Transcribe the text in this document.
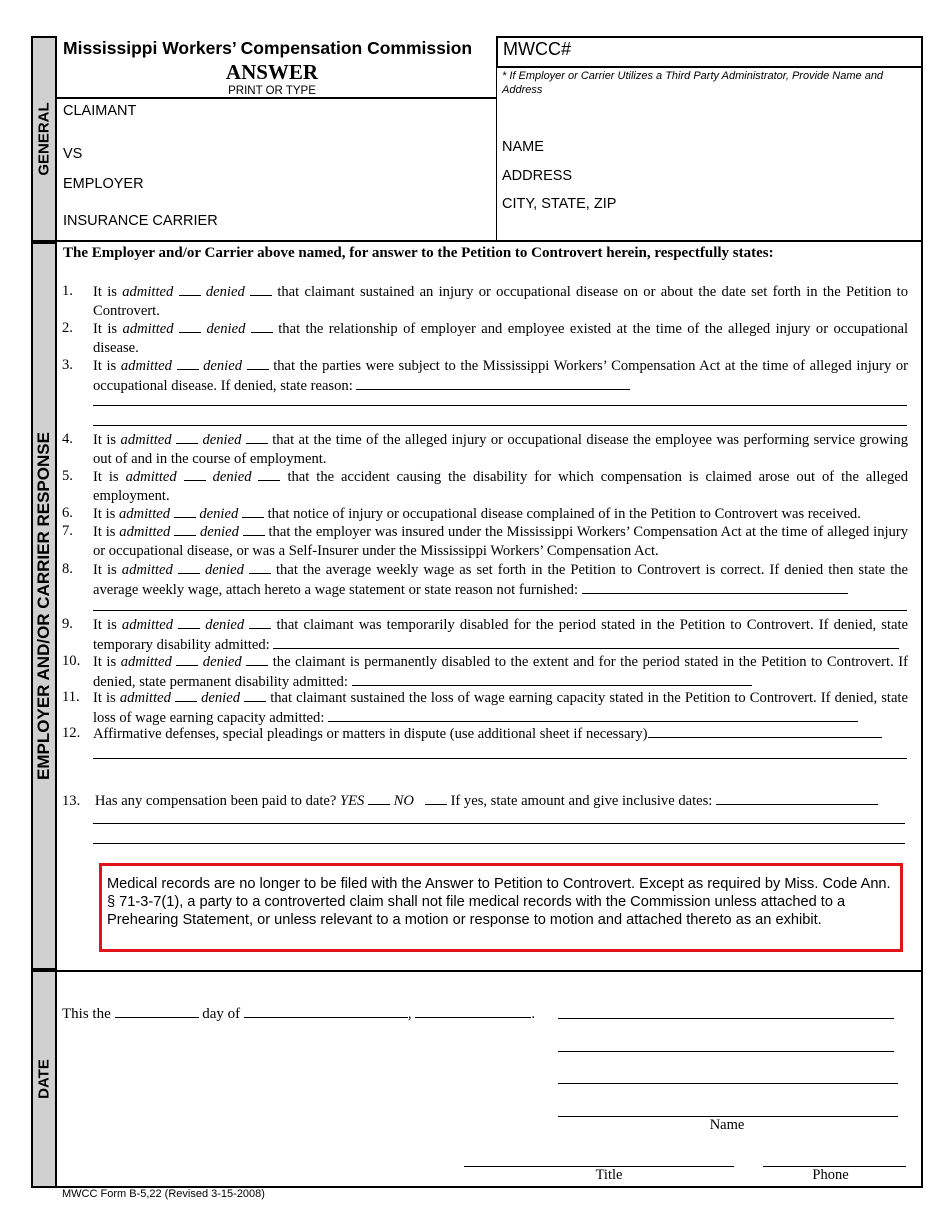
GENERAL
Mississippi Workers’ Compensation Commission
ANSWER
PRINT OR TYPE
MWCC#
* If Employer or Carrier Utilizes a Third Party Administrator, Provide Name and Address
CLAIMANT
VS
EMPLOYER
INSURANCE CARRIER
NAME
ADDRESS
CITY, STATE, ZIP
EMPLOYER AND/OR CARRIER RESPONSE
The Employer and/or Carrier above named, for answer to the Petition to Controvert herein, respectfully states:
1. It is admitted denied that claimant sustained an injury or occupational disease on or about the date set forth in the Petition to Controvert.
2. It is admitted denied that the relationship of employer and employee existed at the time of the alleged injury or occupational disease.
3. It is admitted denied that the parties were subject to the Mississippi Workers’ Compensation Act at the time of alleged injury or occupational disease. If denied, state reason:
4. It is admitted denied that at the time of the alleged injury or occupational disease the employee was performing service growing out of and in the course of employment.
5. It is admitted denied that the accident causing the disability for which compensation is claimed arose out of the alleged employment.
6. It is admitted denied that notice of injury or occupational disease complained of in the Petition to Controvert was received.
7. It is admitted denied that the employer was insured under the Mississippi Workers’ Compensation Act at the time of alleged injury or occupational disease, or was a Self-Insurer under the Mississippi Workers’ Compensation Act.
8. It is admitted denied that the average weekly wage as set forth in the Petition to Controvert is correct. If denied then state the average weekly wage, attach hereto a wage statement or state reason not furnished:
9. It is admitted denied that claimant was temporarily disabled for the period stated in the Petition to Controvert. If denied, state temporary disability admitted:
10. It is admitted denied the claimant is permanently disabled to the extent and for the period stated in the Petition to Controvert. If denied, state permanent disability admitted:
11. It is admitted denied that claimant sustained the loss of wage earning capacity stated in the Petition to Controvert. If denied, state loss of wage earning capacity admitted:
12. Affirmative defenses, special pleadings or matters in dispute (use additional sheet if necessary)
13. Has any compensation been paid to date? YES NO	If yes, state amount and give inclusive dates:
Medical records are no longer to be filed with the Answer to Petition to Controvert. Except as required by Miss. Code Ann. § 71-3-7(1), a party to a controverted claim shall not file medical records with the Commission unless attached to a Prehearing Statement, or unless relevant to a motion or response to motion and attached thereto as an exhibit.
DATE
This the	day of	,	.
Name
Title	Phone
MWCC Form B-5,22 (Revised 3-15-2008)
